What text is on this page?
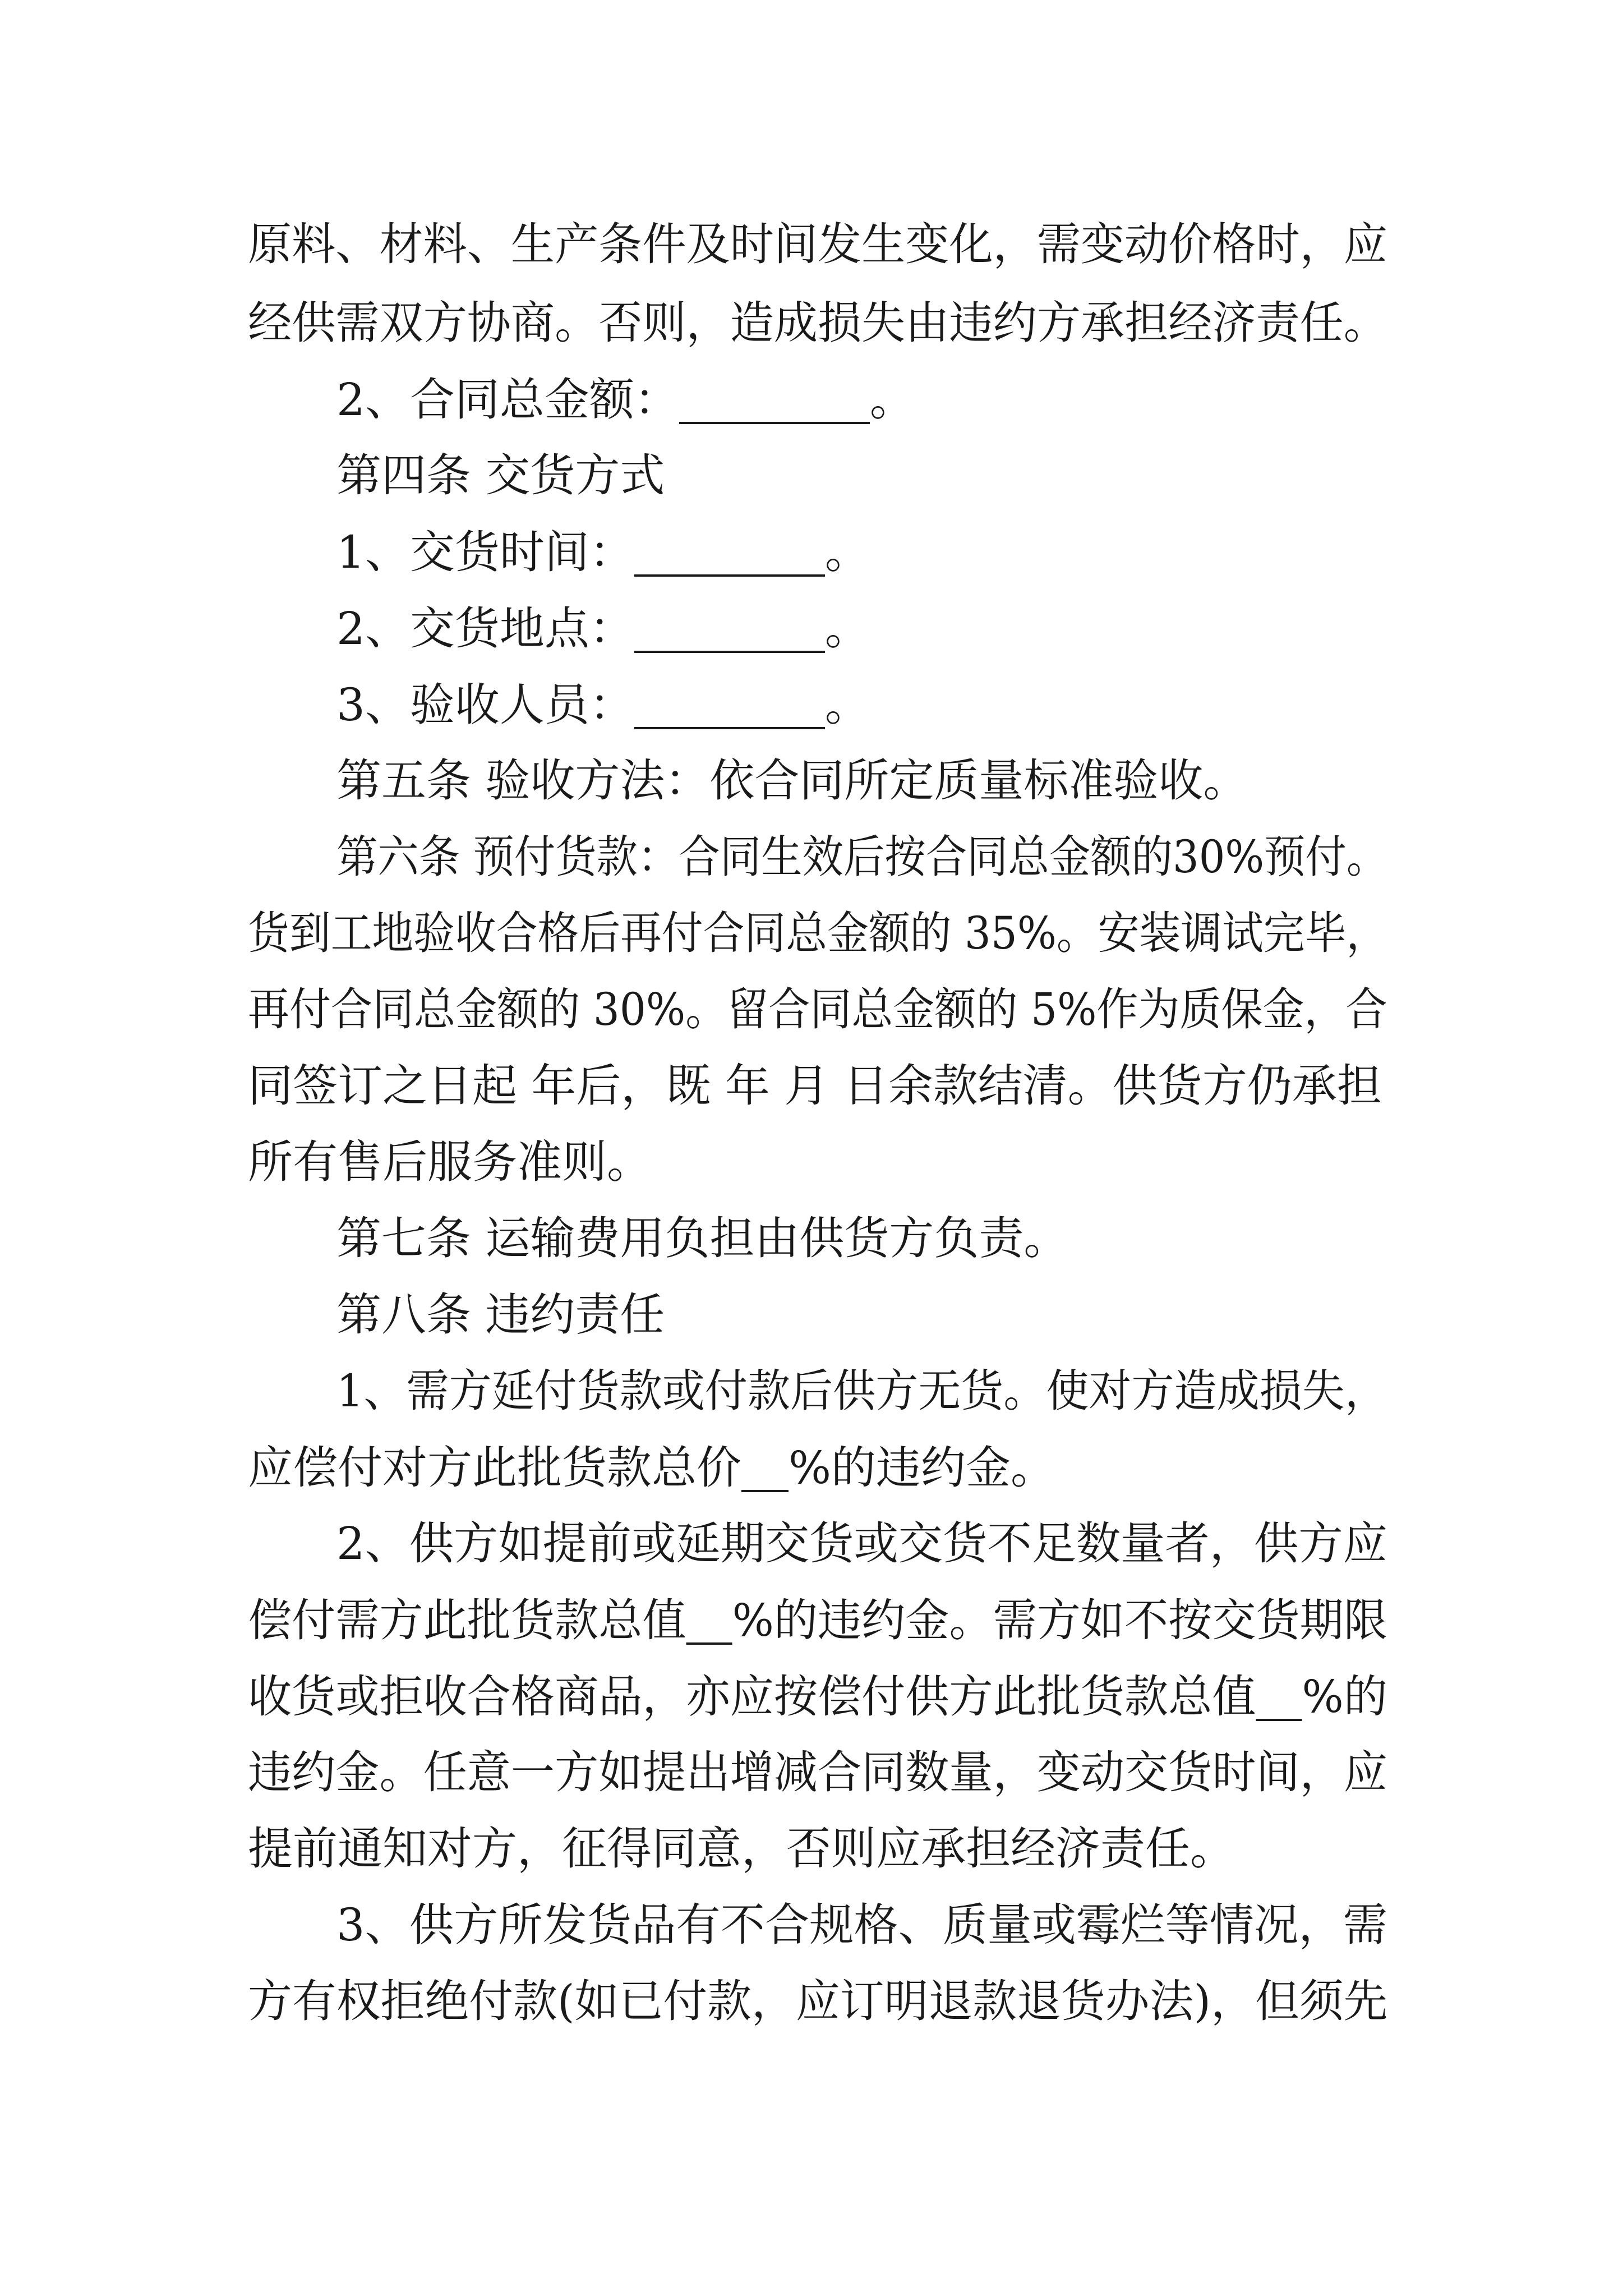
原料、材料、生产条件及时间发生变化，需变动价格时，应
经供需双方协商。否则，造成损失由违约方承担经济责任。
2、合同总金额：	。
第四条 交货方式
1、交货时间：	。
2、交货地点：	。
3、验收人员：	。
第五条 验收方法：依合同所定质量标准验收。
第六条 预付货款：合同生效后按合同总金额的30%预付。
货到工地验收合格后再付合同总金额的 35%。安装调试完毕，
再付合同总金额的 30%。留合同总金额的 5%作为质保金，合
同签订之日起 年后，既 年 月 日余款结清。供货方仍承担
所有售后服务准则。
第七条 运输费用负担由供货方负责。
第八条 违约责任
1、需方延付货款或付款后供方无货。使对方造成损失，
应偿付对方此批货款总价 %的违约金。
2、供方如提前或延期交货或交货不足数量者，供方应
偿付需方此批货款总值 %的违约金。需方如不按交货期限
收货或拒收合格商品，亦应按偿付供方此批货款总值 %的
违约金。任意一方如提出增减合同数量，变动交货时间，应
提前通知对方，征得同意，否则应承担经济责任。
3、供方所发货品有不合规格、质量或霉烂等情况，需
方有权拒绝付款(如已付款，应订明退款退货办法)，但须先
